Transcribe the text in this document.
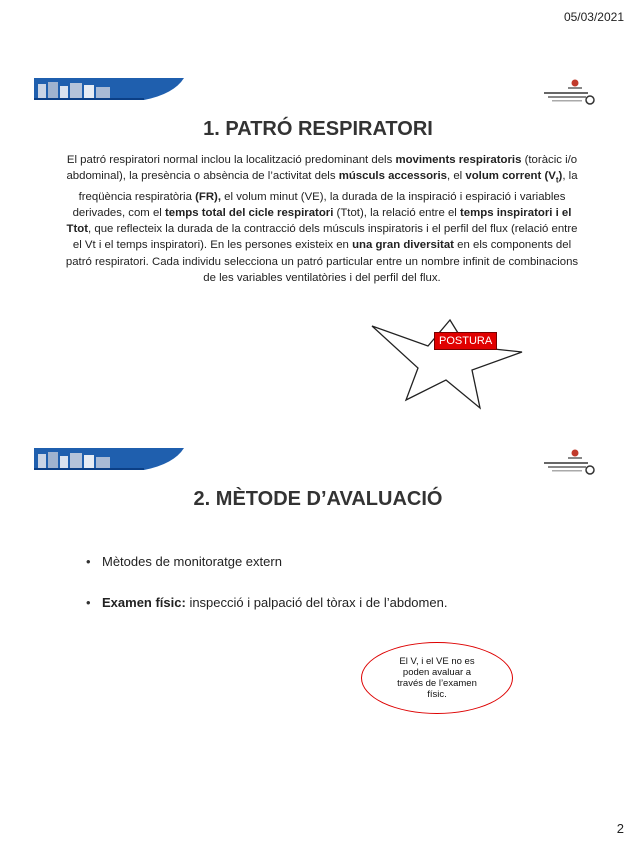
05/03/2021
1. PATRÓ RESPIRATORI
El patró respiratori normal inclou la localització predominant dels moviments respiratoris (toràcic i/o abdominal), la presència o absència de l’activitat dels músculs accessoris, el volum corrent $(V_t)$, la freqüència respiratòria (FR), el volum minut (VE), la durada de la inspiració i espiració i variables derivades, com el temps total del cicle respiratori (Ttot), la relació entre el temps inspiratori i el Ttot, que reflecteix la durada de la contracció dels músculs inspiratoris i el perfil del flux (relació entre el Vt i el temps inspiratori). En les persones existeix en una gran diversitat en els components del patró respiratori. Cada individu selecciona un patró particular entre un nombre infinit de combinacions de les variables ventilatòries i del perfil del flux.
POSTURA
2. MÈTODE D’AVALUACIÓ
• Mètodes de monitoratge extern
• Examen físic: inspecció i palpació del tòrax i de l’abdomen.
El V, i el VE no es poden avaluar a través de l’examen físic.
2
